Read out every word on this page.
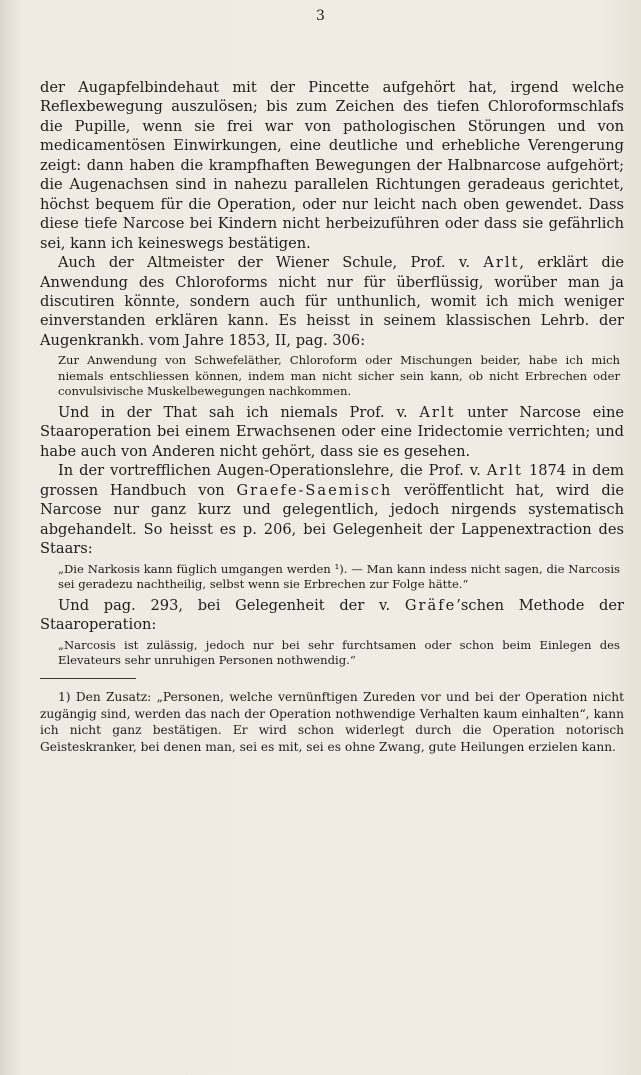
3

der Augapfelbindehaut mit der Pincette aufgehört hat, irgend welche Reflexbewegung auszulösen; bis zum Zeichen des tiefen Chloroformschlafs die Pupille, wenn sie frei war von pathologischen Störungen und von medicamentösen Einwirkungen, eine deutliche und erhebliche Verengerung zeigt: dann haben die krampfhaften Bewegungen der Halbnarcose aufgehört; die Augenachsen sind in nahezu parallelen Richtungen geradeaus gerichtet, höchst bequem für die Operation, oder nur leicht nach oben gewendet. Dass diese tiefe Narcose bei Kindern nicht herbeizuführen oder dass sie gefährlich sei, kann ich keineswegs bestätigen.

Auch der Altmeister der Wiener Schule, Prof. v. Arlt, erklärt die Anwendung des Chloroforms nicht nur für überflüssig, worüber man ja discutiren könnte, sondern auch für unthunlich, womit ich mich weniger einverstanden erklären kann. Es heisst in seinem klassischen Lehrb. der Augenkrankh. vom Jahre 1853, II, pag. 306:

Zur Anwendung von Schwefeläther, Chloroform oder Mischungen beider, habe ich mich niemals entschliessen können, indem man nicht sicher sein kann, ob nicht Erbrechen oder convulsivische Muskelbewegungen nachkommen.

Und in der That sah ich niemals Prof. v. Arlt unter Narcose eine Staaroperation bei einem Erwachsenen oder eine Iridectomie verrichten; und habe auch von Anderen nicht gehört, dass sie es gesehen.

In der vortrefflichen Augen-Operationslehre, die Prof. v. Arlt 1874 in dem grossen Handbuch von Graefe-Saemisch veröffentlicht hat, wird die Narcose nur ganz kurz und gelegentlich, jedoch nirgends systematisch abgehandelt. So heisst es p. 206, bei Gelegenheit der Lappenextraction des Staars:

„Die Narkosis kann füglich umgangen werden ¹). — Man kann indess nicht sagen, die Narcosis sei geradezu nachtheilig, selbst wenn sie Erbrechen zur Folge hätte.“

Und pag. 293, bei Gelegenheit der v. Gräfe’schen Methode der Staaroperation:

„Narcosis ist zulässig, jedoch nur bei sehr furchtsamen oder schon beim Einlegen des Elevateurs sehr unruhigen Personen nothwendig.“

1) Den Zusatz: „Personen, welche vernünftigen Zureden vor und bei der Operation nicht zugängig sind, werden das nach der Operation nothwendige Verhalten kaum einhalten“, kann ich nicht ganz bestätigen. Er wird schon widerlegt durch die Operation notorisch Geisteskranker, bei denen man, sei es mit, sei es ohne Zwang, gute Heilungen erzielen kann.
